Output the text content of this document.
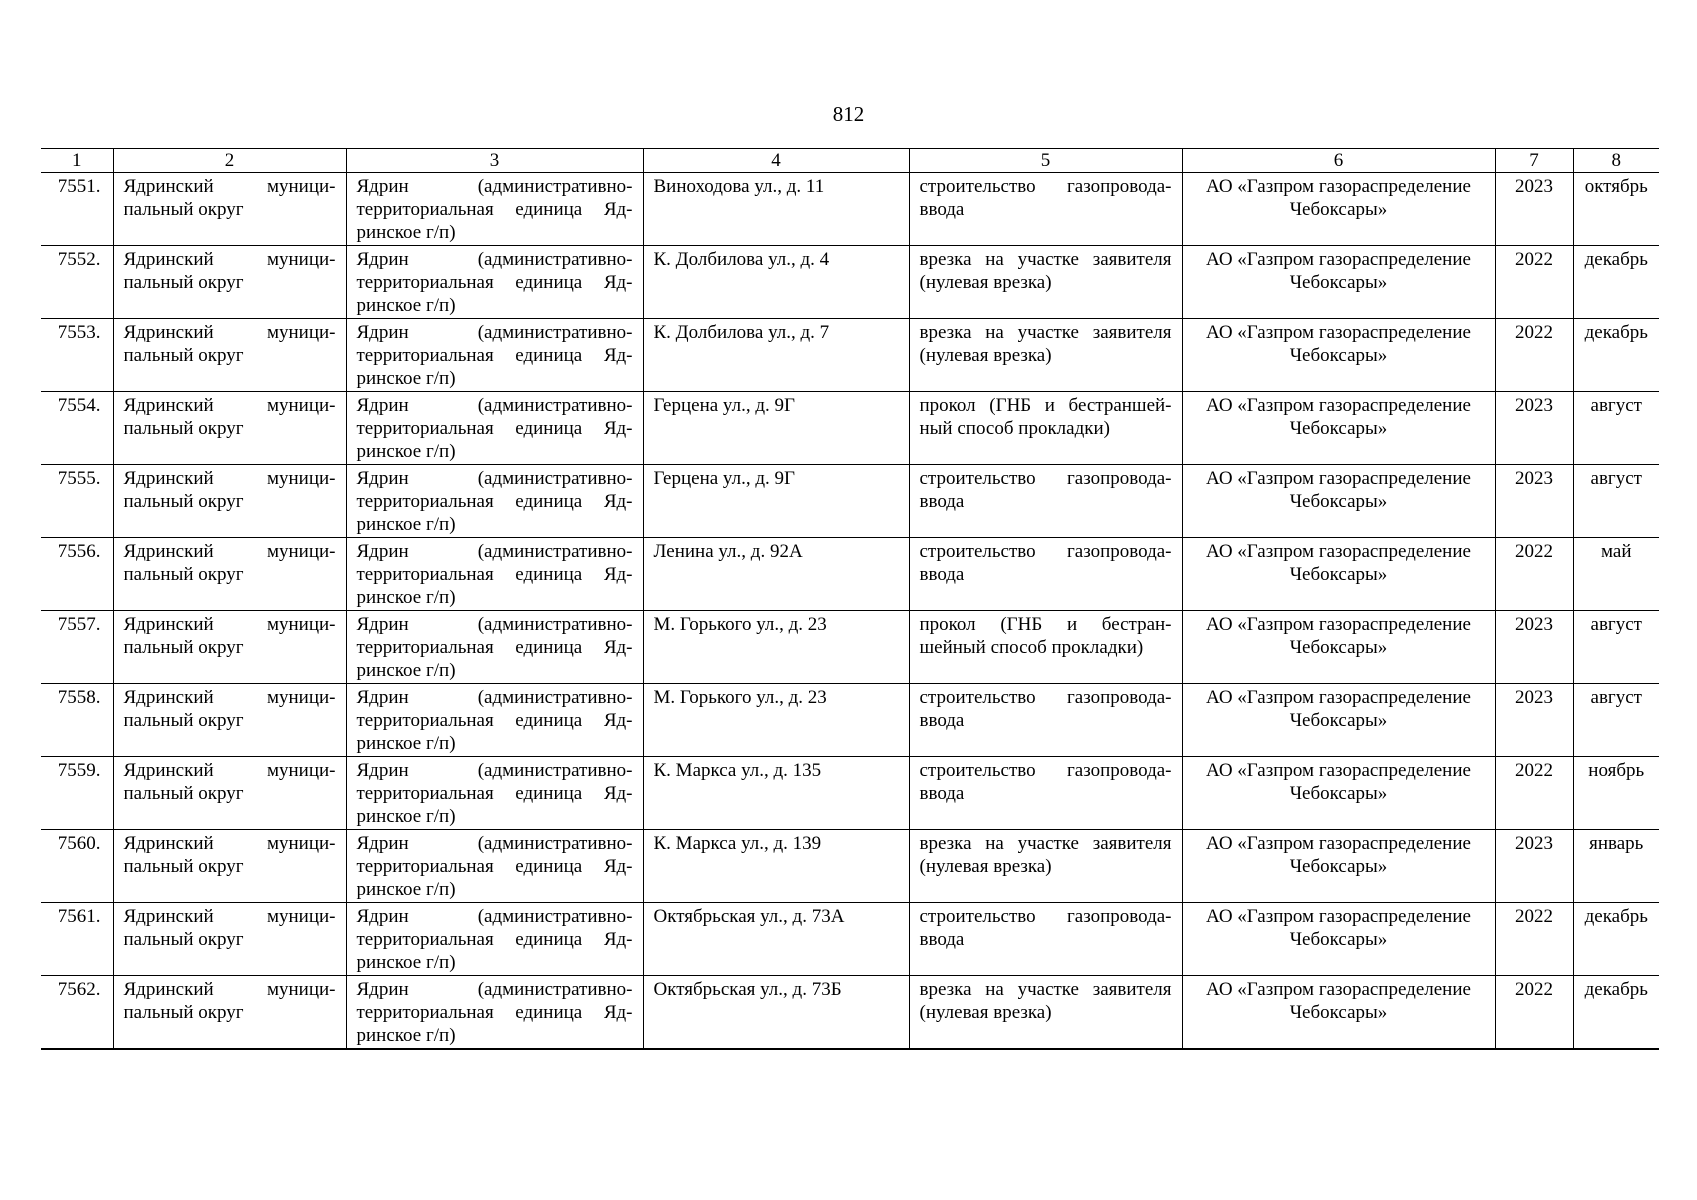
812
1	2	3	4	5	6	7	8
7551.	Ядринский муници-пальный округ	Ядрин (административно-территориальная единица Яд-ринское г/п)	Виноходова ул., д. 11	строительство газопровода-ввода	АО «Газпром газораспределение Чебоксары»	2023	октябрь
7552.	Ядринский муници-пальный округ	Ядрин (административно-территориальная единица Яд-ринское г/п)	К. Долбилова ул., д. 4	врезка на участке заявителя (нулевая врезка)	АО «Газпром газораспределение Чебоксары»	2022	декабрь
7553.	Ядринский муници-пальный округ	Ядрин (административно-территориальная единица Яд-ринское г/п)	К. Долбилова ул., д. 7	врезка на участке заявителя (нулевая врезка)	АО «Газпром газораспределение Чебоксары»	2022	декабрь
7554.	Ядринский муници-пальный округ	Ядрин (административно-территориальная единица Яд-ринское г/п)	Герцена ул., д. 9Г	прокол (ГНБ и бестраншей-ный способ прокладки)	АО «Газпром газораспределение Чебоксары»	2023	август
7555.	Ядринский муници-пальный округ	Ядрин (административно-территориальная единица Яд-ринское г/п)	Герцена ул., д. 9Г	строительство газопровода-ввода	АО «Газпром газораспределение Чебоксары»	2023	август
7556.	Ядринский муници-пальный округ	Ядрин (административно-территориальная единица Яд-ринское г/п)	Ленина ул., д. 92А	строительство газопровода-ввода	АО «Газпром газораспределение Чебоксары»	2022	май
7557.	Ядринский муници-пальный округ	Ядрин (административно-территориальная единица Яд-ринское г/п)	М. Горького ул., д. 23	прокол (ГНБ и бестран-шейный способ прокладки)	АО «Газпром газораспределение Чебоксары»	2023	август
7558.	Ядринский муници-пальный округ	Ядрин (административно-территориальная единица Яд-ринское г/п)	М. Горького ул., д. 23	строительство газопровода-ввода	АО «Газпром газораспределение Чебоксары»	2023	август
7559.	Ядринский муници-пальный округ	Ядрин (административно-территориальная единица Яд-ринское г/п)	К. Маркса ул., д. 135	строительство газопровода-ввода	АО «Газпром газораспределение Чебоксары»	2022	ноябрь
7560.	Ядринский муници-пальный округ	Ядрин (административно-территориальная единица Яд-ринское г/п)	К. Маркса ул., д. 139	врезка на участке заявителя (нулевая врезка)	АО «Газпром газораспределение Чебоксары»	2023	январь
7561.	Ядринский муници-пальный округ	Ядрин (административно-территориальная единица Яд-ринское г/п)	Октябрьская ул., д. 73А	строительство газопровода-ввода	АО «Газпром газораспределение Чебоксары»	2022	декабрь
7562.	Ядринский муници-пальный округ	Ядрин (административно-территориальная единица Яд-ринское г/п)	Октябрьская ул., д. 73Б	врезка на участке заявителя (нулевая врезка)	АО «Газпром газораспределение Чебоксары»	2022	декабрь
